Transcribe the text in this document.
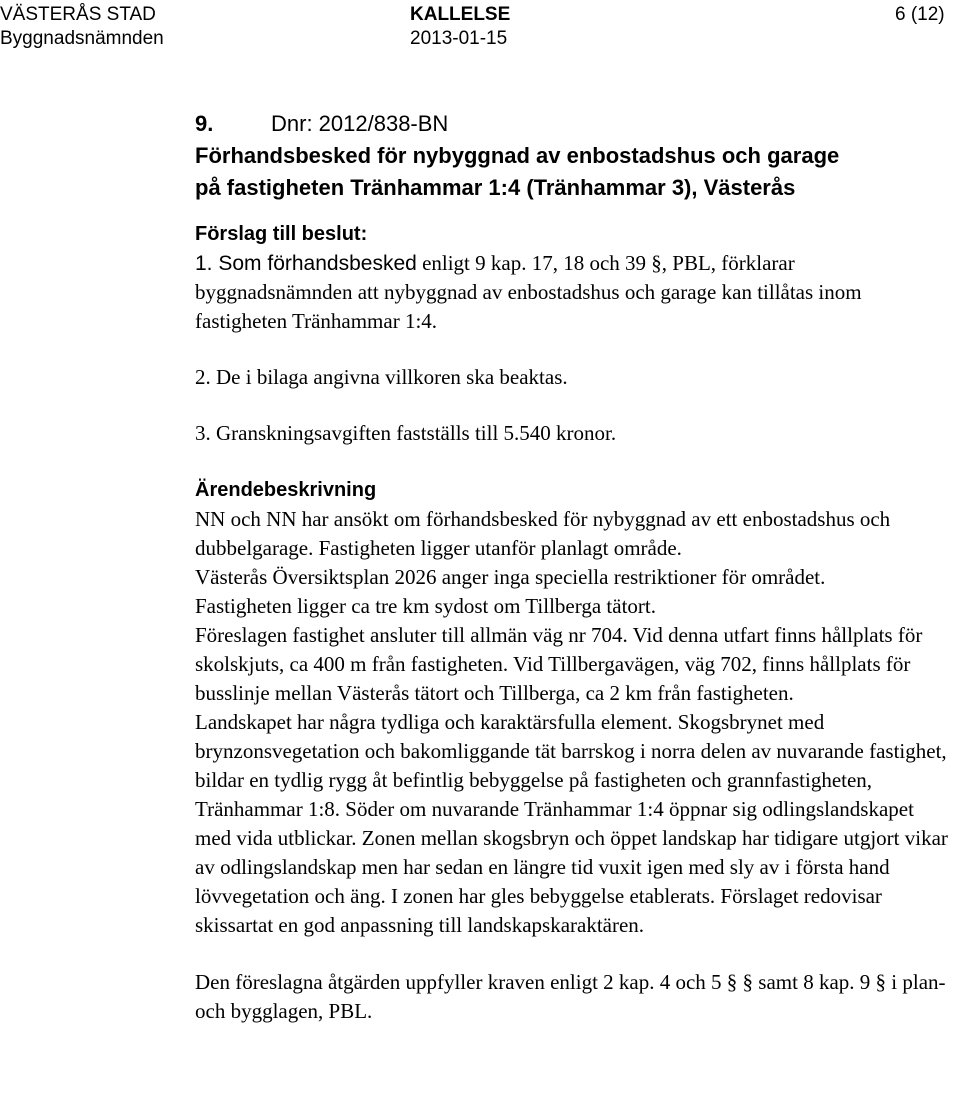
VÄSTERÅS STAD
Byggnadsnämnden
KALLELSE
2013-01-15
6 (12)
9.	Dnr: 2012/838-BN
Förhandsbesked för nybyggnad av enbostadshus och garage
på fastigheten Tränhammar 1:4 (Tränhammar 3), Västerås
Förslag till beslut:

1. Som förhandsbesked enligt 9 kap. 17, 18 och 39 §, PBL, förklarar byggnadsnämnden att nybyggnad av enbostadshus och garage kan tillåtas inom fastigheten Tränhammar 1:4.

2. De i bilaga angivna villkoren ska beaktas.

3. Granskningsavgiften fastställs till 5.540 kronor.

Ärendebeskrivning

NN och NN har ansökt om förhandsbesked för nybyggnad av ett enbostadshus och dubbelgarage. Fastigheten ligger utanför planlagt område.

Västerås Översiktsplan 2026 anger inga speciella restriktioner för området.

Fastigheten ligger ca tre km sydost om Tillberga tätort.

Föreslagen fastighet ansluter till allmän väg nr 704. Vid denna utfart finns hållplats för skolskjuts, ca 400 m från fastigheten. Vid Tillbergavägen, väg 702, finns hållplats för busslinje mellan Västerås tätort och Tillberga, ca 2 km från fastigheten.

Landskapet har några tydliga och karaktärsfulla element. Skogsbrynet med brynzonsvegetation och bakomliggande tät barrskog i norra delen av nuvarande fastighet, bildar en tydlig rygg åt befintlig bebyggelse på fastigheten och grannfastigheten, Tränhammar 1:8. Söder om nuvarande Tränhammar 1:4 öppnar sig odlingslandskapet med vida utblickar. Zonen mellan skogsbryn och öppet landskap har tidigare utgjort vikar av odlingslandskap men har sedan en längre tid vuxit igen med sly av i första hand lövvegetation och äng. I zonen har gles bebyggelse etablerats. Förslaget redovisar skissartat en god anpassning till landskapskaraktären.

Den föreslagna åtgärden uppfyller kraven enligt 2 kap. 4 och 5 § § samt 8 kap. 9 § i plan- och bygglagen, PBL.
